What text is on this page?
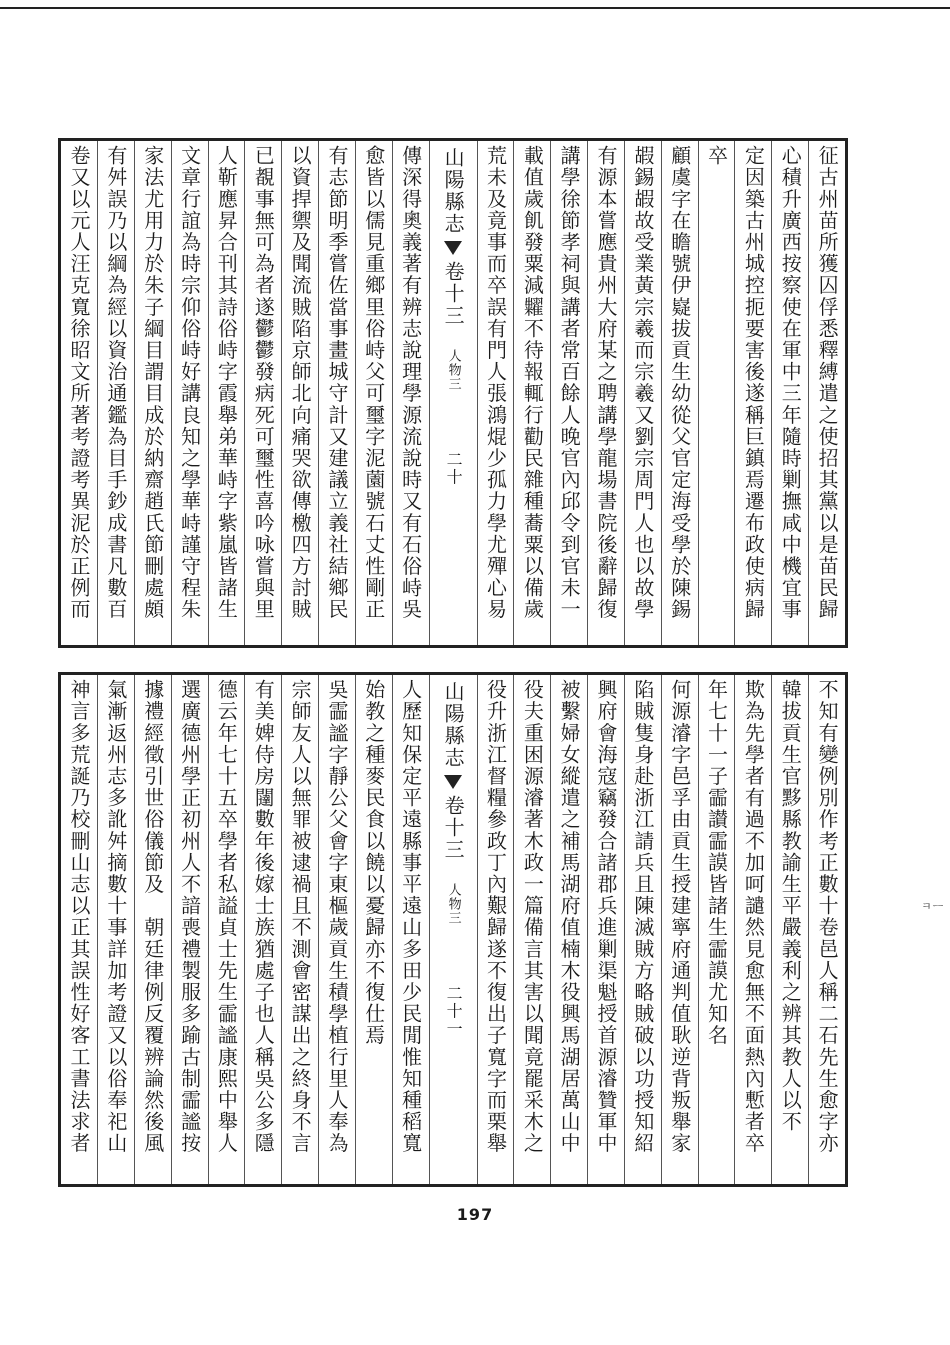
征古州苗所獲囚俘悉釋縛遣之使招其黨以是苗民歸
心積升廣西按察使在軍中三年隨時剿撫咸中機宜事
定因築古州城控扼要害後遂稱巨鎮焉遷布政使病歸
卒
顧虞字在瞻號伊嶷拔貢生幼從父官定海受學於陳錫
嘏錫嘏故受業黃宗羲而宗羲又劉宗周門人也以故學
有源本嘗應貴州大府某之聘講學龍場書院後辭歸復
講學徐節孝祠與講者常百餘人晚官內邱令到官未一
載值歲飢發粟減糶不待報輒行勸民雜種蕎粟以備歲
荒未及竟事而卒誤有門人張鴻焜少孤力學尤殫心易
山陽縣志
卷十三
人物三
二十
傳深得奧義著有辨志說理學源流說時又有石俗峙吳
愈皆以儒見重鄉里俗峙父可璽字泥薗號石丈性剛正
有志節明季嘗佐當事畫城守計又建議立義社結鄉民
以資捍禦及聞流賊陷京師北向痛哭欲傳檄四方討賊
已覩事無可為者遂鬱鬱發病死可璽性喜吟咏嘗與里
人靳應昇合刊其詩俗峙字霞舉弟華峙字紫嵐皆諸生
文章行誼為時宗仰俗峙好講良知之學華峙謹守程朱
家法尤用力於朱子綱目謂目成於納齋趙氏節刪處頗
有舛誤乃以綱為經以資治通鑑為目手鈔成書凡數百
卷又以元人汪克寬徐昭文所著考證考異泥於正例而
不知有變例別作考正數十卷邑人稱二石先生愈字亦
韓拔貢生官黟縣教諭生平嚴義利之辨其教人以不
欺為先學者有過不加呵譴然見愈無不面熱內慙者卒
年七十一子霝讃霝謨皆諸生霝謨尤知名
何源濬字邑孚由貢生授建寧府通判值耿逆背叛舉家
陷賊隻身赴浙江請兵且陳滅賊方略賊破以功授知紹
興府會海寇竊發合諸郡兵進剿渠魁授首源濬贊軍中
被繫婦女縱遣之補馬湖府值楠木役興馬湖居萬山中
役夫重困源濬著木政一篇備言其害以聞竟罷采木之
役升浙江督糧參政丁內艱歸遂不復出子寬字而栗舉
山陽縣志
卷十三
人物三
二十一
人歷知保定平遠縣事平遠山多田少民閒惟知種稻寬
始教之種麥民食以饒以憂歸亦不復仕焉
吳霝謐字靜公父會字東樞歲貢生積學植行里人奉為
宗師友人以無罪被逮禍且不測會密謀出之終身不言
有美婢侍房闥數年後嫁士族猶處子也人稱吳公多隱
德云年七十五卒學者私謚貞士先生霝謐康熙中舉人
選廣德州學正初州人不諳喪禮製服多踰古制霝謐按
據禮經徵引世俗儀節及　朝廷律例反覆辨論然後風
氣漸返州志多訛舛摘數十事詳加考證又以俗奉祀山
神言多荒誕乃校刪山志以正其誤性好客工書法求者	ㅋㅡ
197
